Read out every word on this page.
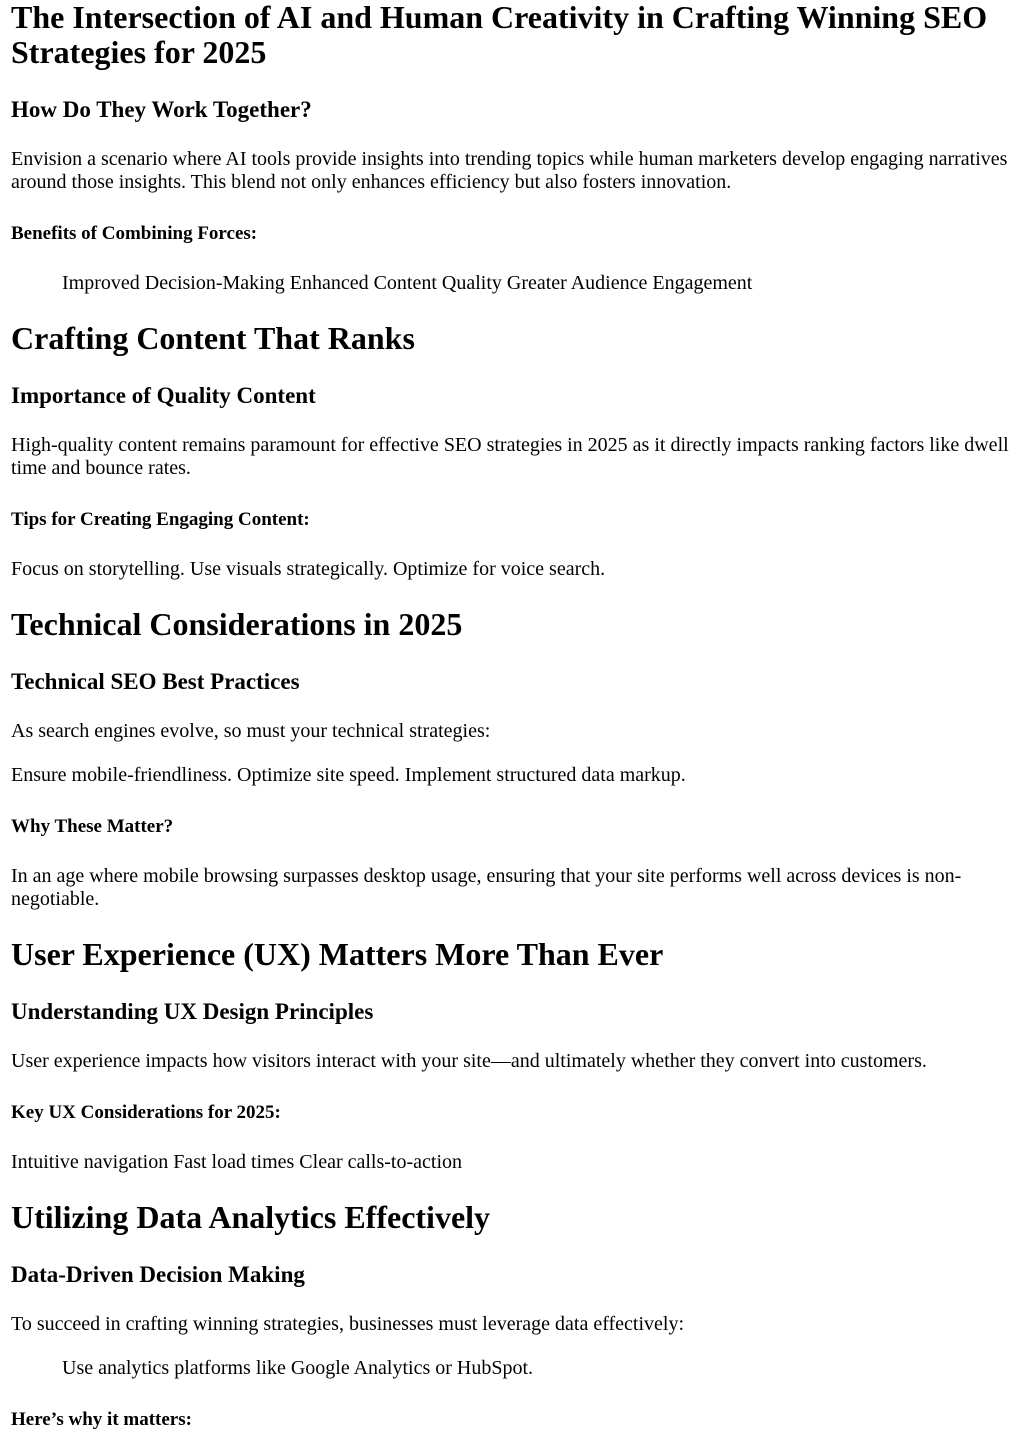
The Intersection of AI and Human Creativity in Crafting Winning SEO Strategies for 2025
How Do They Work Together?

Envision a scenario where AI tools provide insights into trending topics while human marketers develop engaging narratives around those insights. This blend not only enhances efficiency but also fosters innovation.

Benefits of Combining Forces:

Improved Decision-Making Enhanced Content Quality Greater Audience Engagement

Crafting Content That Ranks
Importance of Quality Content

High-quality content remains paramount for effective SEO strategies in 2025 as it directly impacts ranking factors like dwell time and bounce rates.

Tips for Creating Engaging Content:

Focus on storytelling. Use visuals strategically. Optimize for voice search.

Technical Considerations in 2025
Technical SEO Best Practices

As search engines evolve, so must your technical strategies:

Ensure mobile-friendliness. Optimize site speed. Implement structured data markup.

Why These Matter?

In an age where mobile browsing surpasses desktop usage, ensuring that your site performs well across devices is non-negotiable.

User Experience (UX) Matters More Than Ever
Understanding UX Design Principles

User experience impacts how visitors interact with your site—and ultimately whether they convert into customers.

Key UX Considerations for 2025:

Intuitive navigation Fast load times Clear calls-to-action

Utilizing Data Analytics Effectively
Data-Driven Decision Making

To succeed in crafting winning strategies, businesses must leverage data effectively:

Use analytics platforms like Google Analytics or HubSpot.

Here’s why it matters:
